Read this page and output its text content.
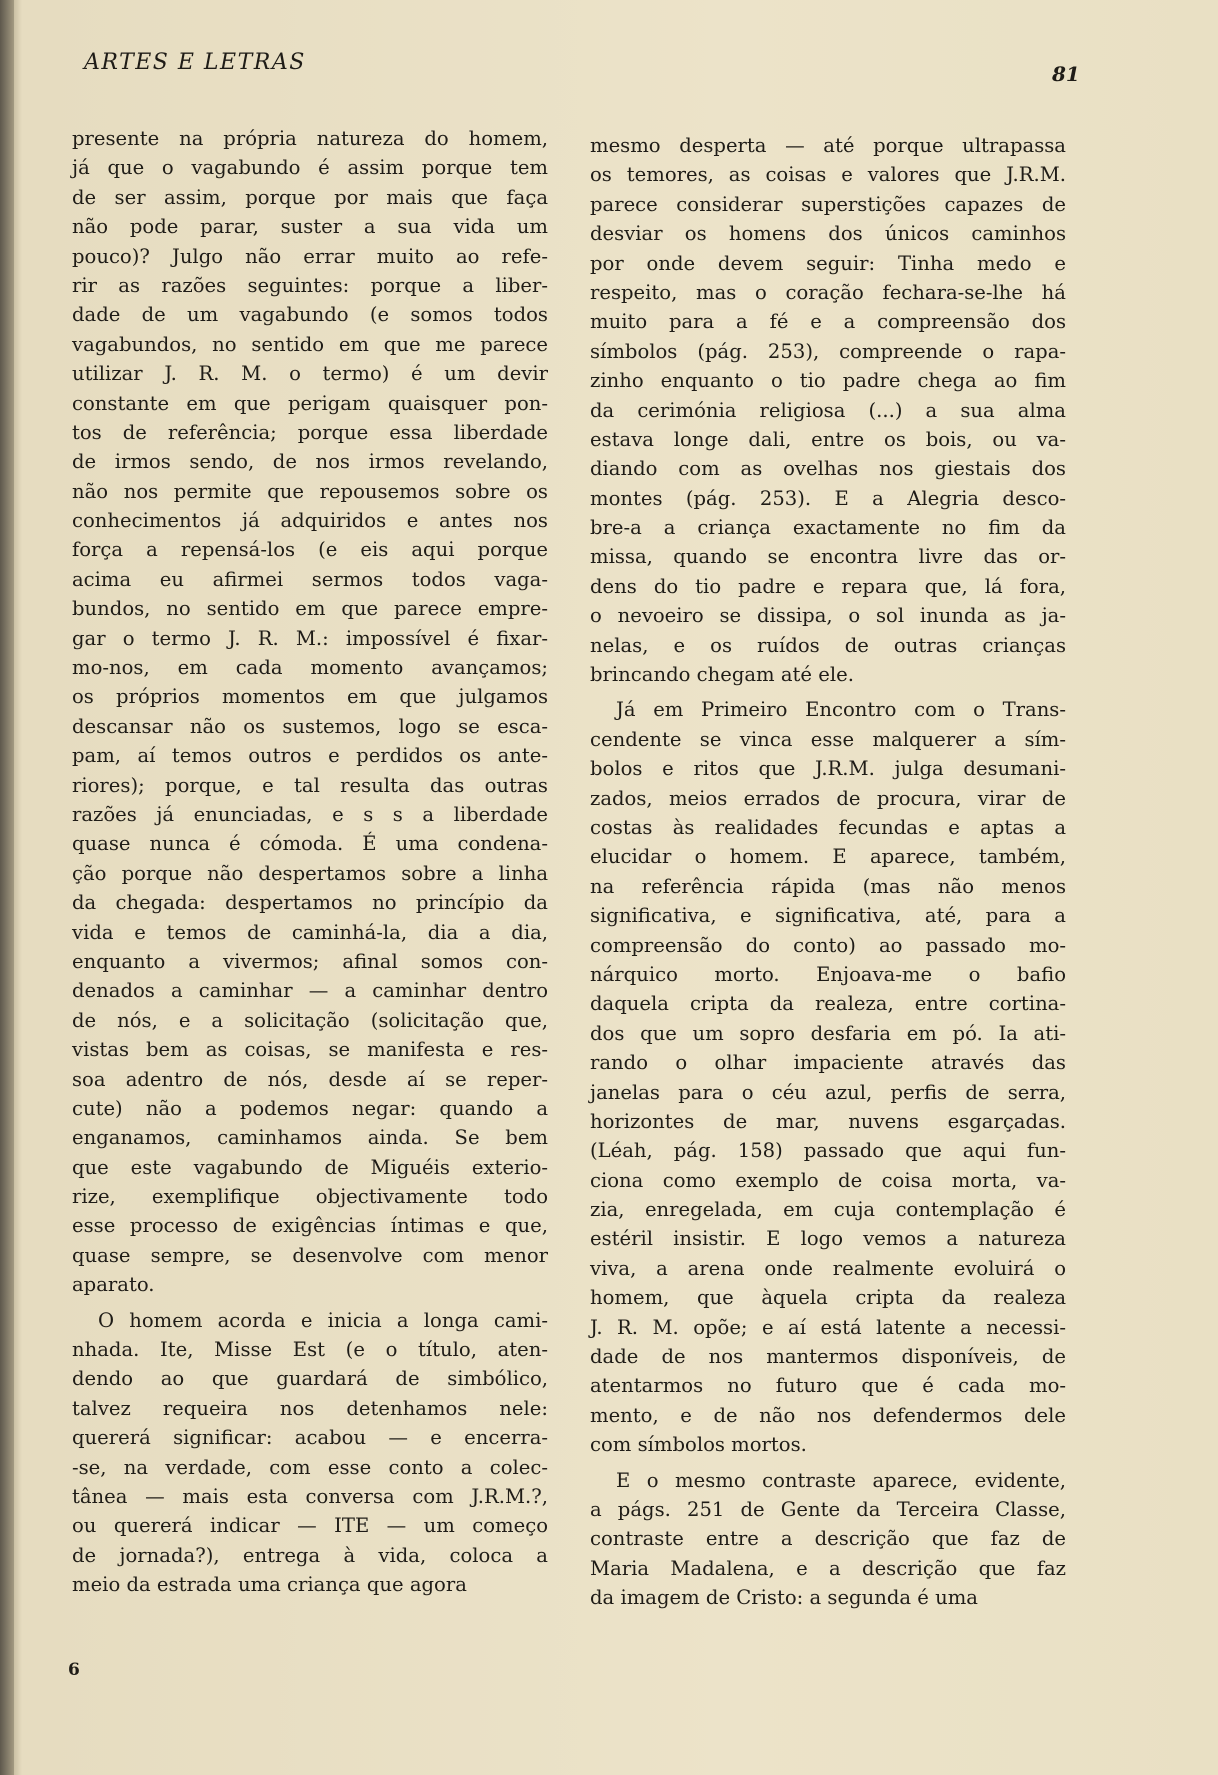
ARTES E LETRAS	81
presente na própria natureza do homem,
já que o vagabundo é assim porque tem
de ser assim, porque por mais que faça
não pode parar, suster a sua vida um
pouco)? Julgo não errar muito ao refe-
rir as razões seguintes: porque a liber-
dade de um vagabundo (e somos todos
vagabundos, no sentido em que me parece
utilizar J. R. M. o termo) é um devir
constante em que perigam quaisquer pon-
tos de referência; porque essa liberdade
de irmos sendo, de nos irmos revelando,
não nos permite que repousemos sobre os
conhecimentos já adquiridos e antes nos
força a repensá-los (e eis aqui porque
acima eu afirmei sermos todos vaga-
bundos, no sentido em que parece empre-
gar o termo J. R. M.: impossível é fixar-
mo-nos, em cada momento avançamos;
os próprios momentos em que julgamos
descansar não os sustemos, logo se esca-
pam, aí temos outros e perdidos os ante-
riores); porque, e tal resulta das outras
razões já enunciadas, e s s a liberdade
quase nunca é cómoda. É uma condena-
ção porque não despertamos sobre a linha
da chegada: despertamos no princípio da
vida e temos de caminhá-la, dia a dia,
enquanto a vivermos; afinal somos con-
denados a caminhar — a caminhar dentro
de nós, e a solicitação (solicitação que,
vistas bem as coisas, se manifesta e res-
soa adentro de nós, desde aí se reper-
cute) não a podemos negar: quando a
enganamos, caminhamos ainda. Se bem
que este vagabundo de Miguéis exterio-
rize, exemplifique objectivamente todo
esse processo de exigências íntimas e que,
quase sempre, se desenvolve com menor
aparato.
O homem acorda e inicia a longa cami-
nhada. Ite, Misse Est (e o título, aten-
dendo ao que guardará de simbólico,
talvez requeira nos detenhamos nele:
quererá significar: acabou — e encerra-
-se, na verdade, com esse conto a colec-
tânea — mais esta conversa com J.R.M.?,
ou quererá indicar — ITE — um começo
de jornada?), entrega à vida, coloca a
meio da estrada uma criança que agora
mesmo desperta — até porque ultrapassa
os temores, as coisas e valores que J.R.M.
parece considerar superstições capazes de
desviar os homens dos únicos caminhos
por onde devem seguir: Tinha medo e
respeito, mas o coração fechara-se-lhe há
muito para a fé e a compreensão dos
símbolos (pág. 253), compreende o rapa-
zinho enquanto o tio padre chega ao fim
da cerimónia religiosa (...) a sua alma
estava longe dali, entre os bois, ou va-
diando com as ovelhas nos giestais dos
montes (pág. 253). E a Alegria desco-
bre-a a criança exactamente no fim da
missa, quando se encontra livre das or-
dens do tio padre e repara que, lá fora,
o nevoeiro se dissipa, o sol inunda as ja-
nelas, e os ruídos de outras crianças
brincando chegam até ele.
Já em Primeiro Encontro com o Trans-
cendente se vinca esse malquerer a sím-
bolos e ritos que J.R.M. julga desumani-
zados, meios errados de procura, virar de
costas às realidades fecundas e aptas a
elucidar o homem. E aparece, também,
na referência rápida (mas não menos
significativa, e significativa, até, para a
compreensão do conto) ao passado mo-
nárquico morto. Enjoava-me o bafio
daquela cripta da realeza, entre cortina-
dos que um sopro desfaria em pó. Ia ati-
rando o olhar impaciente através das
janelas para o céu azul, perfis de serra,
horizontes de mar, nuvens esgarçadas.
(Léah, pág. 158) passado que aqui fun-
ciona como exemplo de coisa morta, va-
zia, enregelada, em cuja contemplação é
estéril insistir. E logo vemos a natureza
viva, a arena onde realmente evoluirá o
homem, que àquela cripta da realeza
J. R. M. opõe; e aí está latente a necessi-
dade de nos mantermos disponíveis, de
atentarmos no futuro que é cada mo-
mento, e de não nos defendermos dele
com símbolos mortos.
E o mesmo contraste aparece, evidente,
a págs. 251 de Gente da Terceira Classe,
contraste entre a descrição que faz de
Maria Madalena, e a descrição que faz
da imagem de Cristo: a segunda é uma
6
